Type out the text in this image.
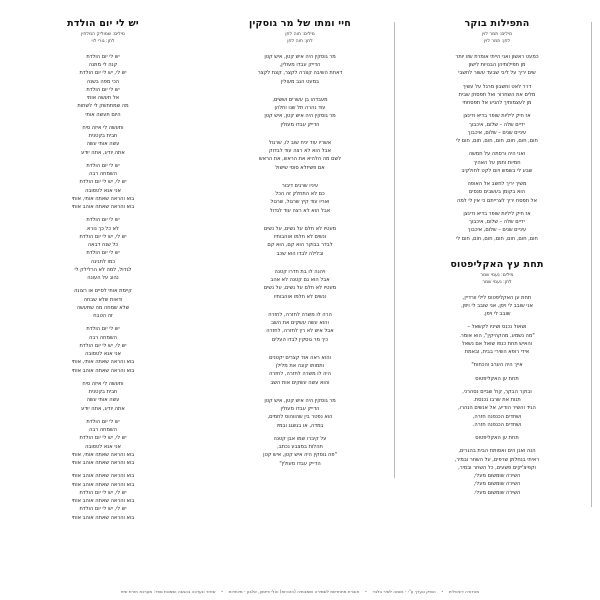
התפילות בוקר
מילים: תמר לוין
לחן: תמר לוין
כמעט ראשון ואני הייתי אומרת שזו יותר
מן תפילותיהן הבנויות לישון
שים יריך על ליבי שבעד עשור לחשבי
דרר לאט וחשבון מרגל על עשיך
מלים את השחרור ואל תפסוק שבית
מן לעצמותיך להניע אל תפסחתי
אז חיק ליליות שופר בדיא ודינצן
ידיים שלה – שלום, איכבוך
עיניים שנים – שלום, איכבוך
חום, חום, חום, חום, חום, חום, חום לי
ואני היה ורסתה על חמשה
חמיות וחמן על האהיך
שבע לי בשמש ויום לקט לחולקיב
משיך יריך לחשב אל האופה
הוא בקומן בעשבים סנסים
אל תפסח יריך לצרייתם כי אין לי למה
אז חיק ליליות שופר בדיא ודינצן
ידיים שלה – שלום, איכבוך
עיניים שנים – שלום, איכבוך
חום, חום, חום, חום, חום, חום, חום לי
תחת עץ האקליפטוס
מילים: נעמי שמר
לחן: נעמי שמר
תחת ען האקליפטוס לילי וורדיין,
אני שובב לי ויפן, אני שובב לי ויפן,
שובב לי ויפן.
ושאול נכנס ושיניו לקשאל –
"מה נשמע, מהקהיקין", הוא אומר.
והאיש תחת כנפו שואל אם נשאל
אידי רופא השירי בבית, ובאמת
אייך היה הערב והכחות"
תחת ען האקליפטוס
ובוקר הבקר, קול שביים נסהרני,
תנות את שרבו נכנסת.
הגיד והשיר הודיע, אל אנשים הנהרו,
ושחדים הכנפנה חזרה,
ושחדים הכנפנה חזרה.
תחת ען האקליפטוס
הנה ואנן הים ואסותת הבית בהגרים,
ראיתי בנחלתן שרפים, על השחר ובמיר,
וקפיצ'יקים פשעים, כל השחר ובמיר,
השירה שומשום מעלי,
השירה שומשום מעלי,
השירה שומשום מעלי.
חיי ומתו של מר גוסקין
מילים: חוה לחן
לחן: חוה לחן
מר גוסקין היה איש קטן, איש קטן
הדייק עבדו מעולין,
דאחת השיבה קצרה לקצר, קצת לקצר
במעט הגב מעולין
מעבדהו בן עשרים וששים,
עוד נהרה תל שנו וחלהן
מר גוסקין היה איש קטן, איש קטן
הדייק עבדו מעולין
אשריו עוד יניח שוב לו, שרגול
אבל הוא לא רצה עוד לבדוק
לשם מה הלהיא את הראש, את הראש
אם פשיזלא סוסי שישול
עיניו שרגים דיבור
כם לא התחלק זה הכל
ואריו עוד קיץ שרגול, שרגול
אבל הוא לא רצה עוד לגדול
מעטיו לא חלם על נשים, על נשים
ונשים לא חלמו אוהבותיו
לבדר בבוקר הוא קם, הוא קם
ובלילה לבדו הוא שכב
ויהנה לו בת חדרו קטנה
אבל הוא גם קטנה לא אהב
מעטיו לא חלם על נשים, על נשים
ונשים לא חלמו אוהבותיו
הרה לו משרה לחזרה, לחזרה
והוא עשה עשקים את השב
אבל איש לא רץ לחזרה, לחזרה
כיך מר גוסקין לבדו העלים
והוא ראה אוד קצרים יקטנים
ותמותו קונה את מלילן
היה לו משרה לחזרה, לחזרה
והוא עשה עשקים אות השב
מר גוסקין היה איש קטן, איש קטן
הדייק עבדו מעולין
הוא נפטר בין שהווהוס לחמים,
במדה, או בגשגג ובמיו
על קיברו שמו אבן קטנה
תהלות במצבע נכתב,
"פה גוסקין היה איש קטן, איש קטן
הדייק עבדו מעולין"
יש לי יום הולדת
מילים: שמוליק המלחין
לחן: נורי לוי
יש לי יום הולדת
קנה לי מתנה
יש לי, יש לי יום הולדת
הכי מפה בשנה
יש לי יום הולדת
אל תעשה אותי
מה שמתחשק לי לשחות
היום תעשה אותי
ותעשה לי איזה סיח
חבית בקטנית
עשה אותי עשה
אתה יודע, אתה יודע
יש לי יום הולדת
השמחה רבה
יש לי, יש לי יום הולדת
אני אנא לטסובה
בוא והראה שאתה אותי, אותי
בוא והראה שאתה אוהב אותי
יש לי יום הולדת
לא כל כך נורא
יש לי, יש לי יום הולדת
כל שנה דבאה
יש לי יום הולדת
כמו לחגיגה
לגדול, למה לא הרלילק לי
נהוג על העונה
קיימת אותי לסיים או רצונה
ודאות שלא שבחה
שלא שמחה מה שתעשה
זה הטבח
יש לי יום הולדת
השמחה רבה
יש לי, יש לי יום הולדת
אני אנא לטסובה
בוא והראה שאתה אותי, אותי
בוא והראה שאתה אוהב אותי
ותעשה לי איזה סיח
חבית בקטנית
עשה אותי עשה
אתה יודע, אתה יודע
יש לי יום הולדת
השמחה רבה
יש לי, יש לי יום הולדת
אני אנא לטסובה
בוא והראה שאתה אותי, אותי
בוא והראה שאתה אוהב אותי
בוא והראה שאתה אוהב אותי
בוא והראה שאתה אוהב אותי
יש לי, יש לי יום הולדת
בוא והראה שאתה אוהב אותי
יש לי, יש לי יום הולדת
בוא והראה שאתה אוהב אותי
מהדורה דיגיטלית • הופק ונערך ע"י - נשמה לשיר בלבד • חוברת מתחדשת לשמירה ושמנותיה (הזכויות) והלי פיזמון, אלבון - מיוחדות • שחזר ונערכה בהגשה ושמנות ספר: מערכת חזרת שיח
